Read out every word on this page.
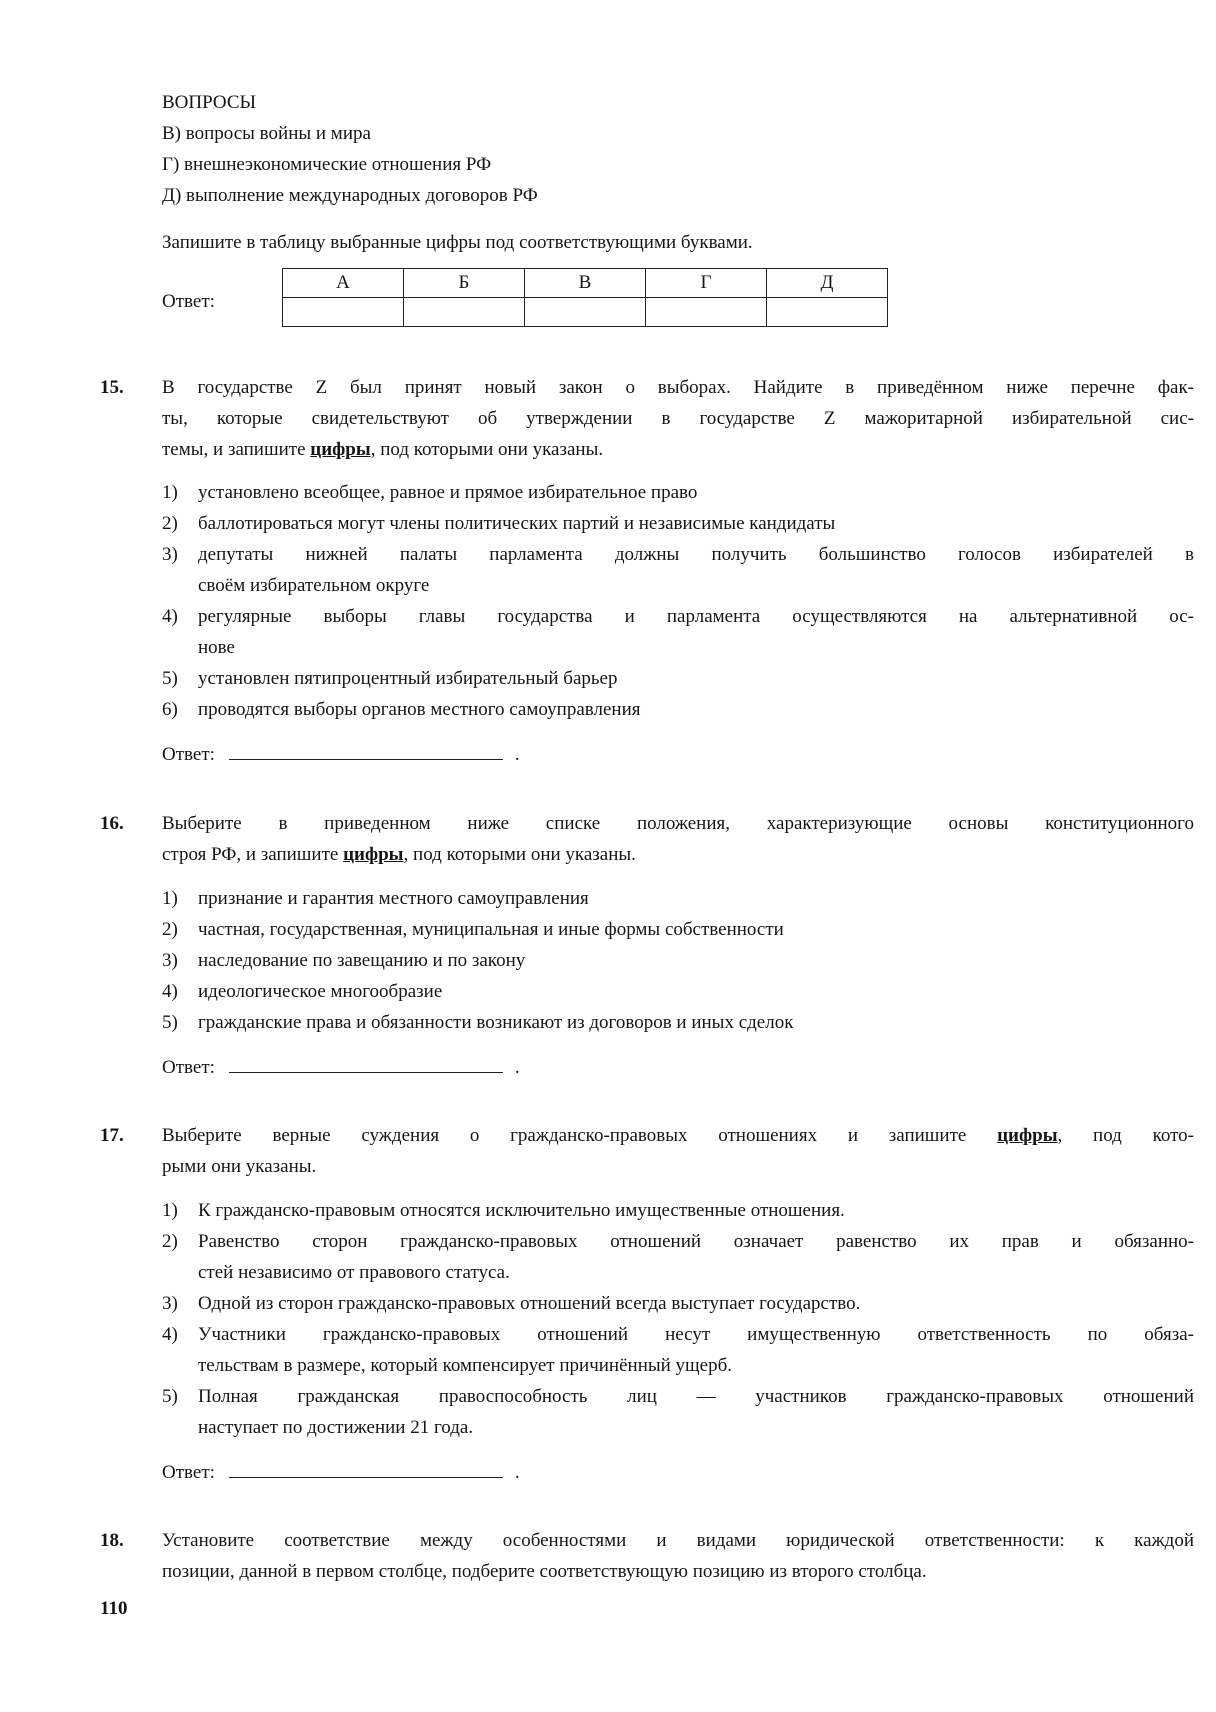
ВОПРОСЫ
В) вопросы войны и мира
Г) внешнеэкономические отношения РФ
Д) выполнение международных договоров РФ
Запишите в таблицу выбранные цифры под соответствующими буквами.
Ответ:
А	Б	В	Г	Д

15. В государстве Z был принят новый закон о выборах. Найдите в приведённом ниже перечне фак-
ты, которые свидетельствуют об утверждении в государстве Z мажоритарной избирательной сис-
темы, и запишите цифры, под которыми они указаны.
1) установлено всеобщее, равное и прямое избирательное право
2) баллотироваться могут члены политических партий и независимые кандидаты
3) депутаты нижней палаты парламента должны получить большинство голосов избирателей в
своём избирательном округе
4) регулярные выборы главы государства и парламента осуществляются на альтернативной ос-
нове
5) установлен пятипроцентный избирательный барьер
6) проводятся выборы органов местного самоуправления
Ответ:	.
16. Выберите в приведенном ниже списке положения, характеризующие основы конституционного
строя РФ, и запишите цифры, под которыми они указаны.
1) признание и гарантия местного самоуправления
2) частная, государственная, муниципальная и иные формы собственности
3) наследование по завещанию и по закону
4) идеологическое многообразие
5) гражданские права и обязанности возникают из договоров и иных сделок
Ответ:	.
17. Выберите верные суждения о гражданско-правовых отношениях и запишите цифры, под кото-
рыми они указаны.
1) К гражданско-правовым относятся исключительно имущественные отношения.
2) Равенство сторон гражданско-правовых отношений означает равенство их прав и обязанно-
стей независимо от правового статуса.
3) Одной из сторон гражданско-правовых отношений всегда выступает государство.
4) Участники гражданско-правовых отношений несут имущественную ответственность по обяза-
тельствам в размере, который компенсирует причинённый ущерб.
5) Полная гражданская правоспособность лиц — участников гражданско-правовых отношений
наступает по достижении 21 года.
Ответ:	.
18. Установите соответствие между особенностями и видами юридической ответственности: к каждой
позиции, данной в первом столбце, подберите соответствующую позицию из второго столбца.
110
